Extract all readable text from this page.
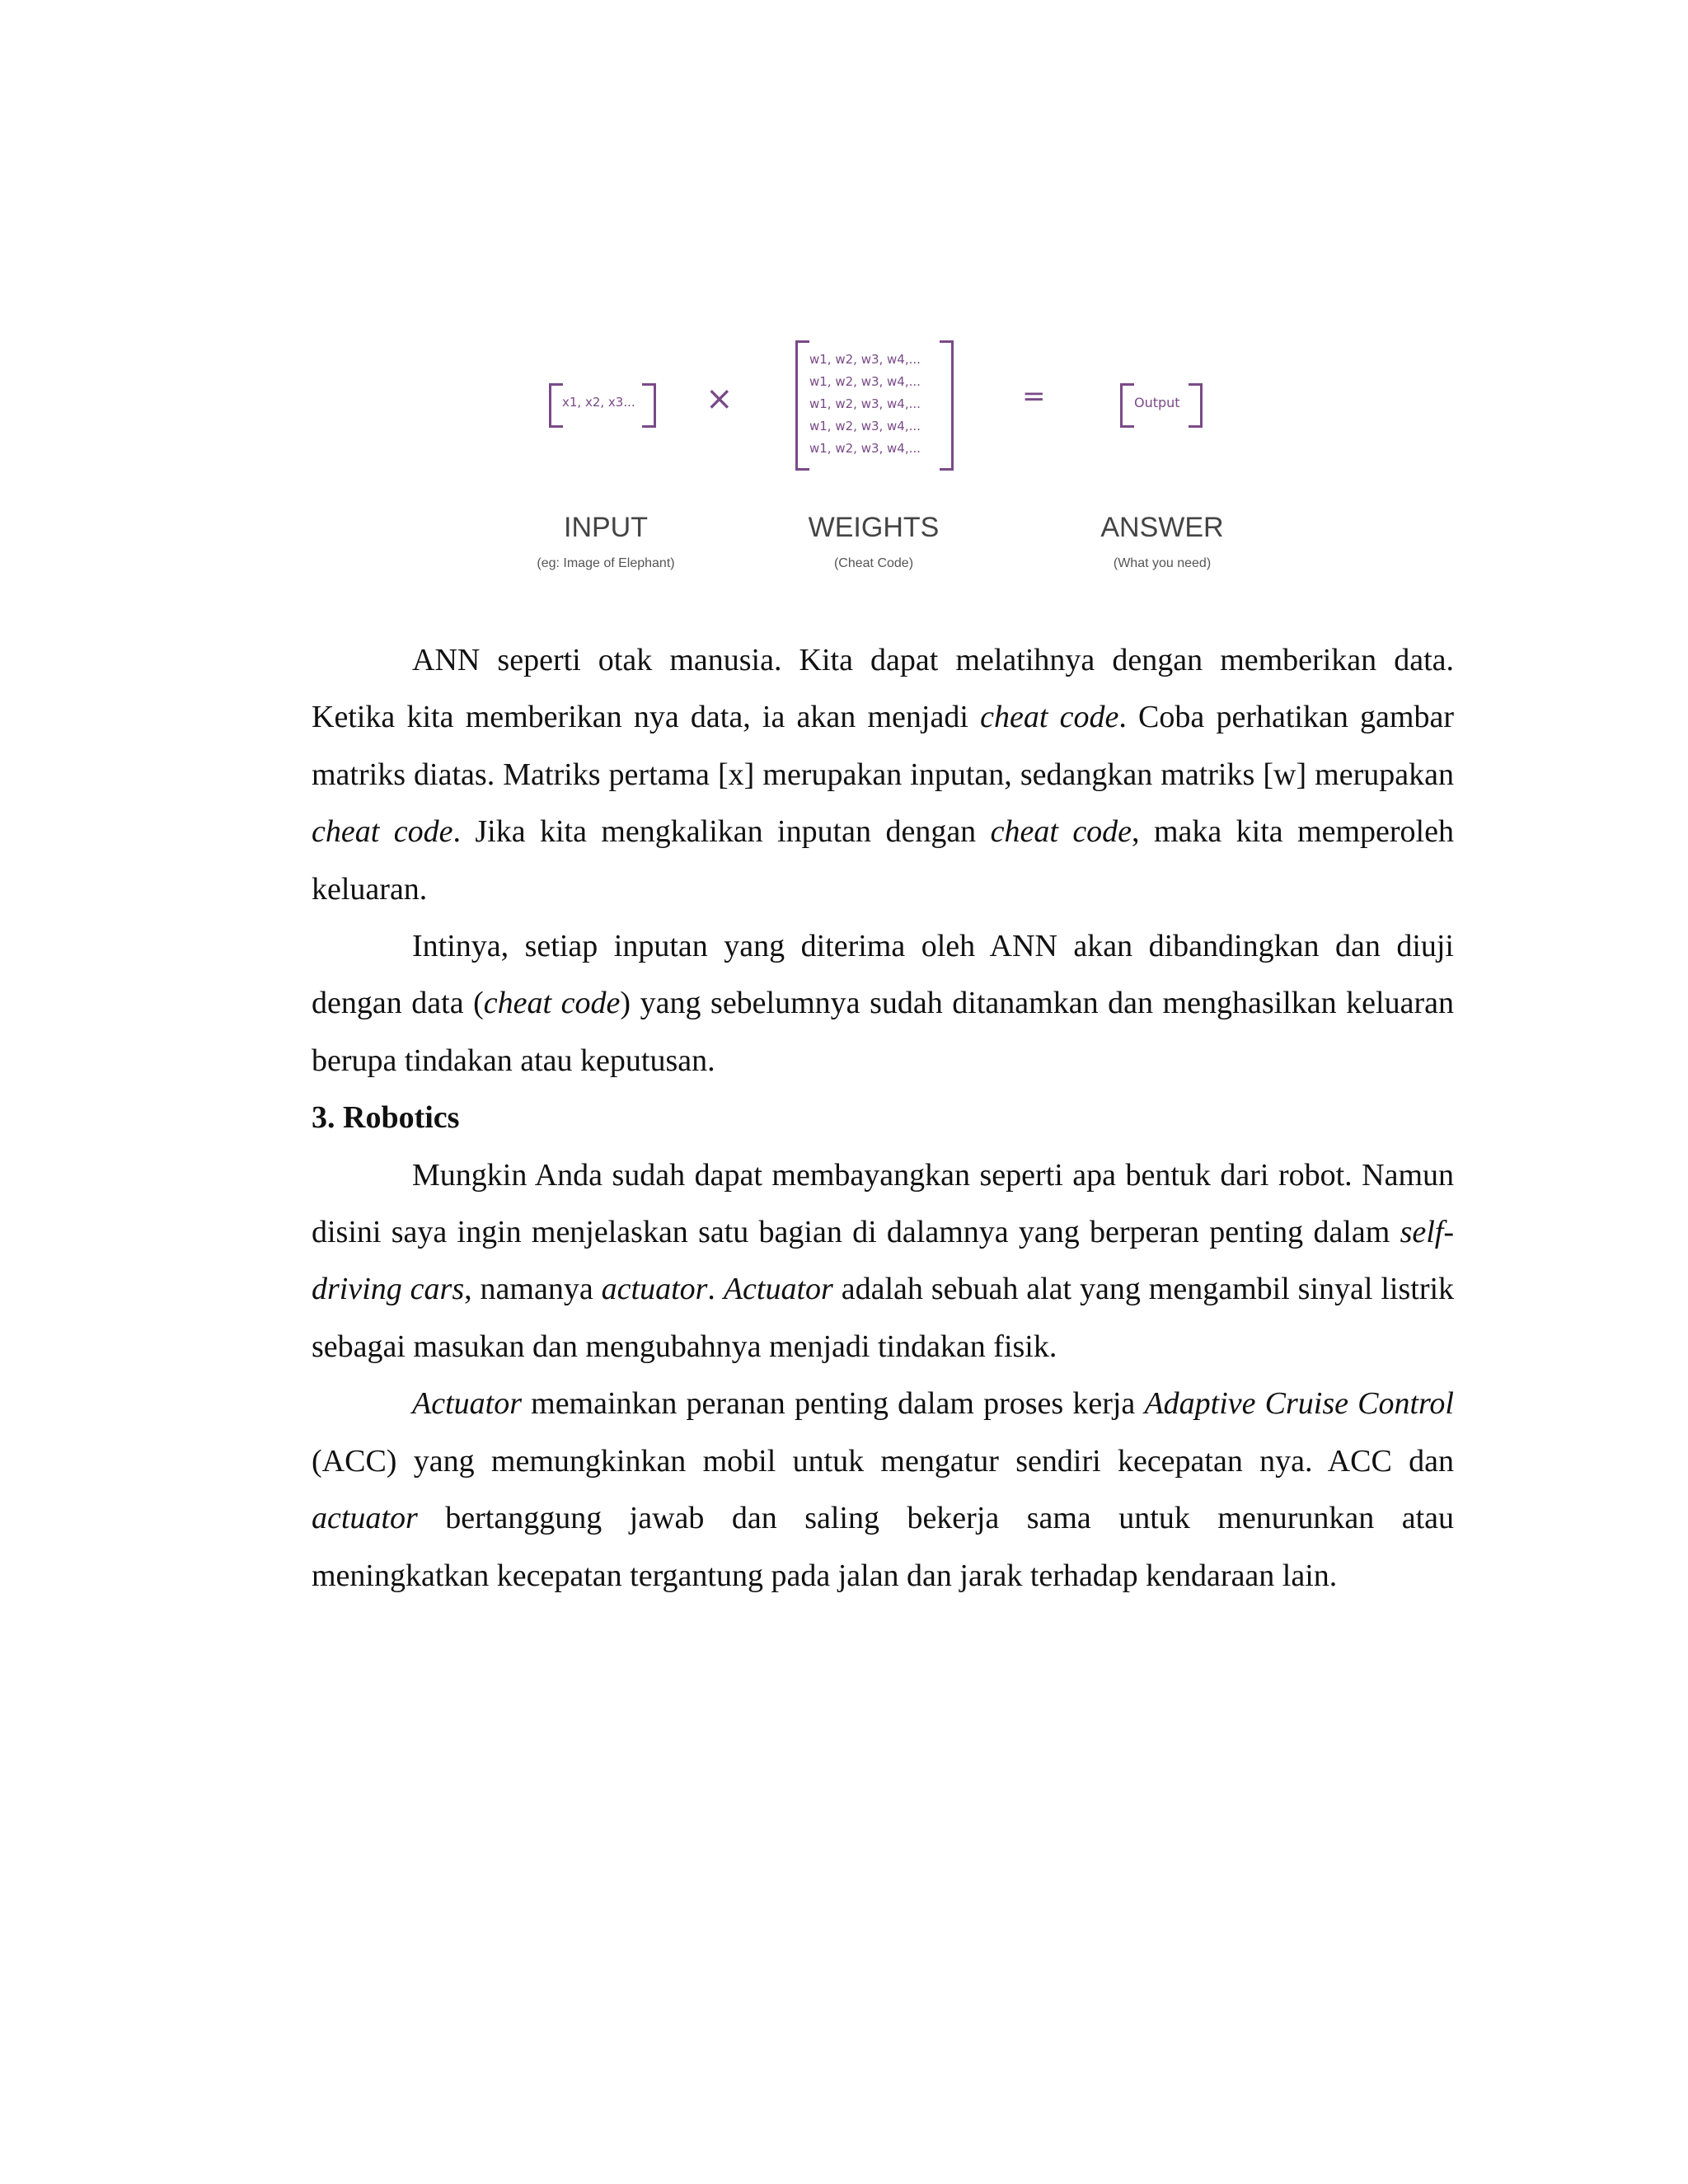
x1, x2, x3... ×
w1, w2, w3, w4,...
w1, w2, w3, w4,...
w1, w2, w3, w4,...
w1, w2, w3, w4,...
w1, w2, w3, w4,...
=	Output
INPUT
(eg: Image of Elephant)
WEIGHTS
(Cheat Code)
ANSWER
(What you need)

ANN seperti otak manusia. Kita dapat melatihnya dengan memberikan data. Ketika kita memberikan nya data, ia akan menjadi cheat code. Coba perhatikan gambar matriks diatas. Matriks pertama [x] merupakan inputan, sedangkan matriks [w] merupakan cheat code. Jika kita mengkalikan inputan dengan cheat code, maka kita memperoleh keluaran.

Intinya, setiap inputan yang diterima oleh ANN akan dibandingkan dan diuji dengan data (cheat code) yang sebelumnya sudah ditanamkan dan menghasilkan keluaran berupa tindakan atau keputusan.

3. Robotics

Mungkin Anda sudah dapat membayangkan seperti apa bentuk dari robot. Namun disini saya ingin menjelaskan satu bagian di dalamnya yang berperan penting dalam self-driving cars, namanya actuator. Actuator adalah sebuah alat yang mengambil sinyal listrik sebagai masukan dan mengubahnya menjadi tindakan fisik.

Actuator memainkan peranan penting dalam proses kerja Adaptive Cruise Control (ACC) yang memungkinkan mobil untuk mengatur sendiri kecepatan nya. ACC dan actuator bertanggung jawab dan saling bekerja sama untuk menurunkan atau meningkatkan kecepatan tergantung pada jalan dan jarak terhadap kendaraan lain.
